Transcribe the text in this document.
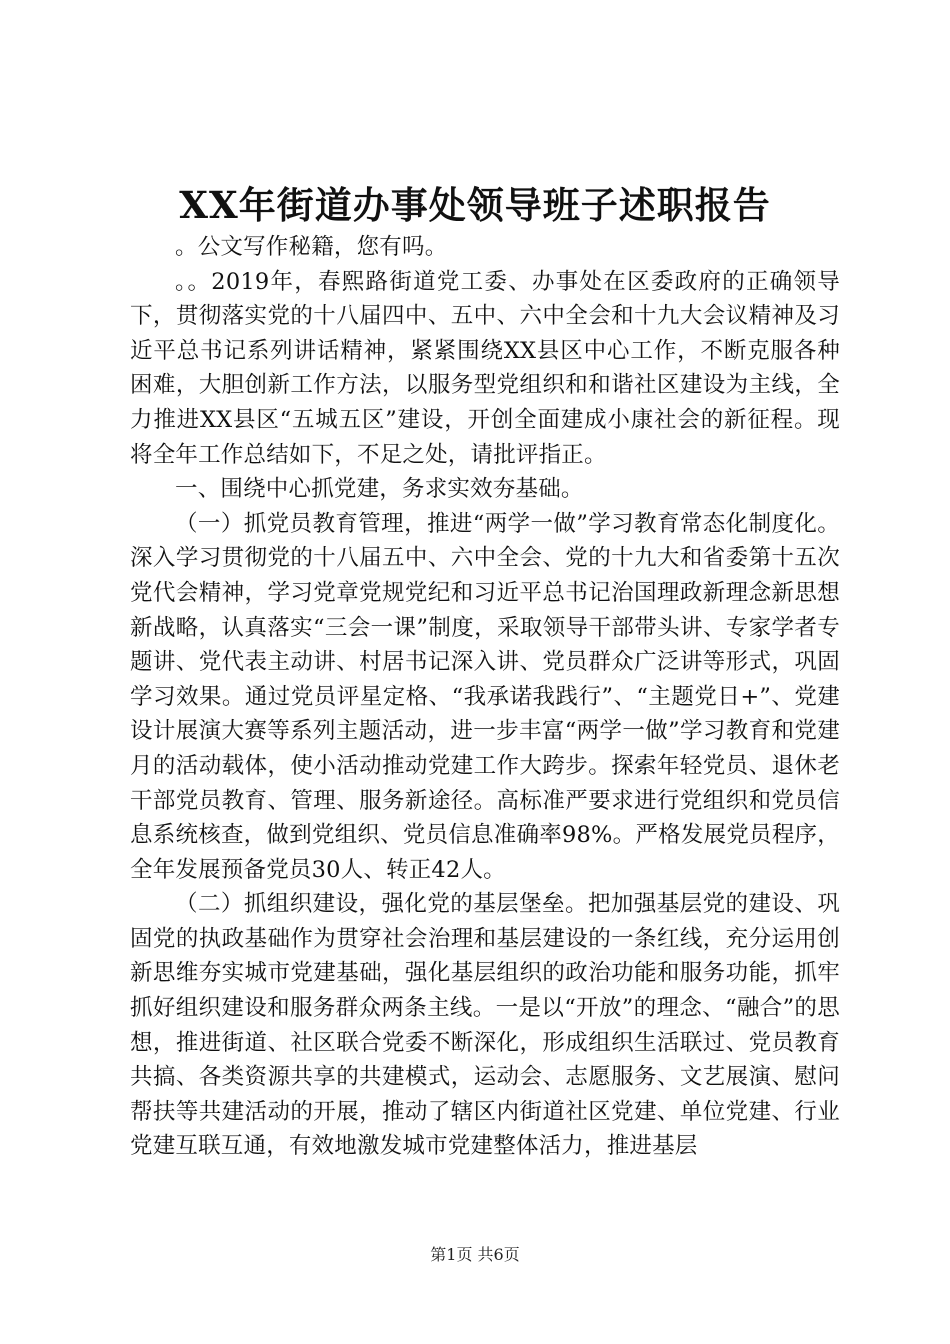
XX年街道办事处领导班子述职报告

。公文写作秘籍，您有吗。

。。2019年，春熙路街道党工委、办事处在区委政府的正确领导下，贯彻落实党的十八届四中、五中、六中全会和十九大会议精神及习近平总书记系列讲话精神，紧紧围绕XX县区中心工作，不断克服各种困难，大胆创新工作方法，以服务型党组织和和谐社区建设为主线，全力推进XX县区“五城五区”建设，开创全面建成小康社会的新征程。现将全年工作总结如下，不足之处，请批评指正。

一、围绕中心抓党建，务求实效夯基础。

（一）抓党员教育管理，推进“两学一做”学习教育常态化制度化。深入学习贯彻党的十八届五中、六中全会、党的十九大和省委第十五次党代会精神，学习党章党规党纪和习近平总书记治国理政新理念新思想新战略，认真落实“三会一课”制度，采取领导干部带头讲、专家学者专题讲、党代表主动讲、村居书记深入讲、党员群众广泛讲等形式，巩固学习效果。通过党员评星定格、“我承诺我践行”、“主题党日+”、党建设计展演大赛等系列主题活动，进一步丰富“两学一做”学习教育和党建月的活动载体，使小活动推动党建工作大跨步。探索年轻党员、退休老干部党员教育、管理、服务新途径。高标准严要求进行党组织和党员信息系统核查，做到党组织、党员信息准确率98%。严格发展党员程序，全年发展预备党员30人、转正42人。

（二）抓组织建设，强化党的基层堡垒。把加强基层党的建设、巩固党的执政基础作为贯穿社会治理和基层建设的一条红线，充分运用创新思维夯实城市党建基础，强化基层组织的政治功能和服务功能，抓牢抓好组织建设和服务群众两条主线。一是以“开放”的理念、“融合”的思想，推进街道、社区联合党委不断深化，形成组织生活联过、党员教育共搞、各类资源共享的共建模式，运动会、志愿服务、文艺展演、慰问帮扶等共建活动的开展，推动了辖区内街道社区党建、单位党建、行业党建互联互通，有效地激发城市党建整体活力，推进基层

第1页 共6页
